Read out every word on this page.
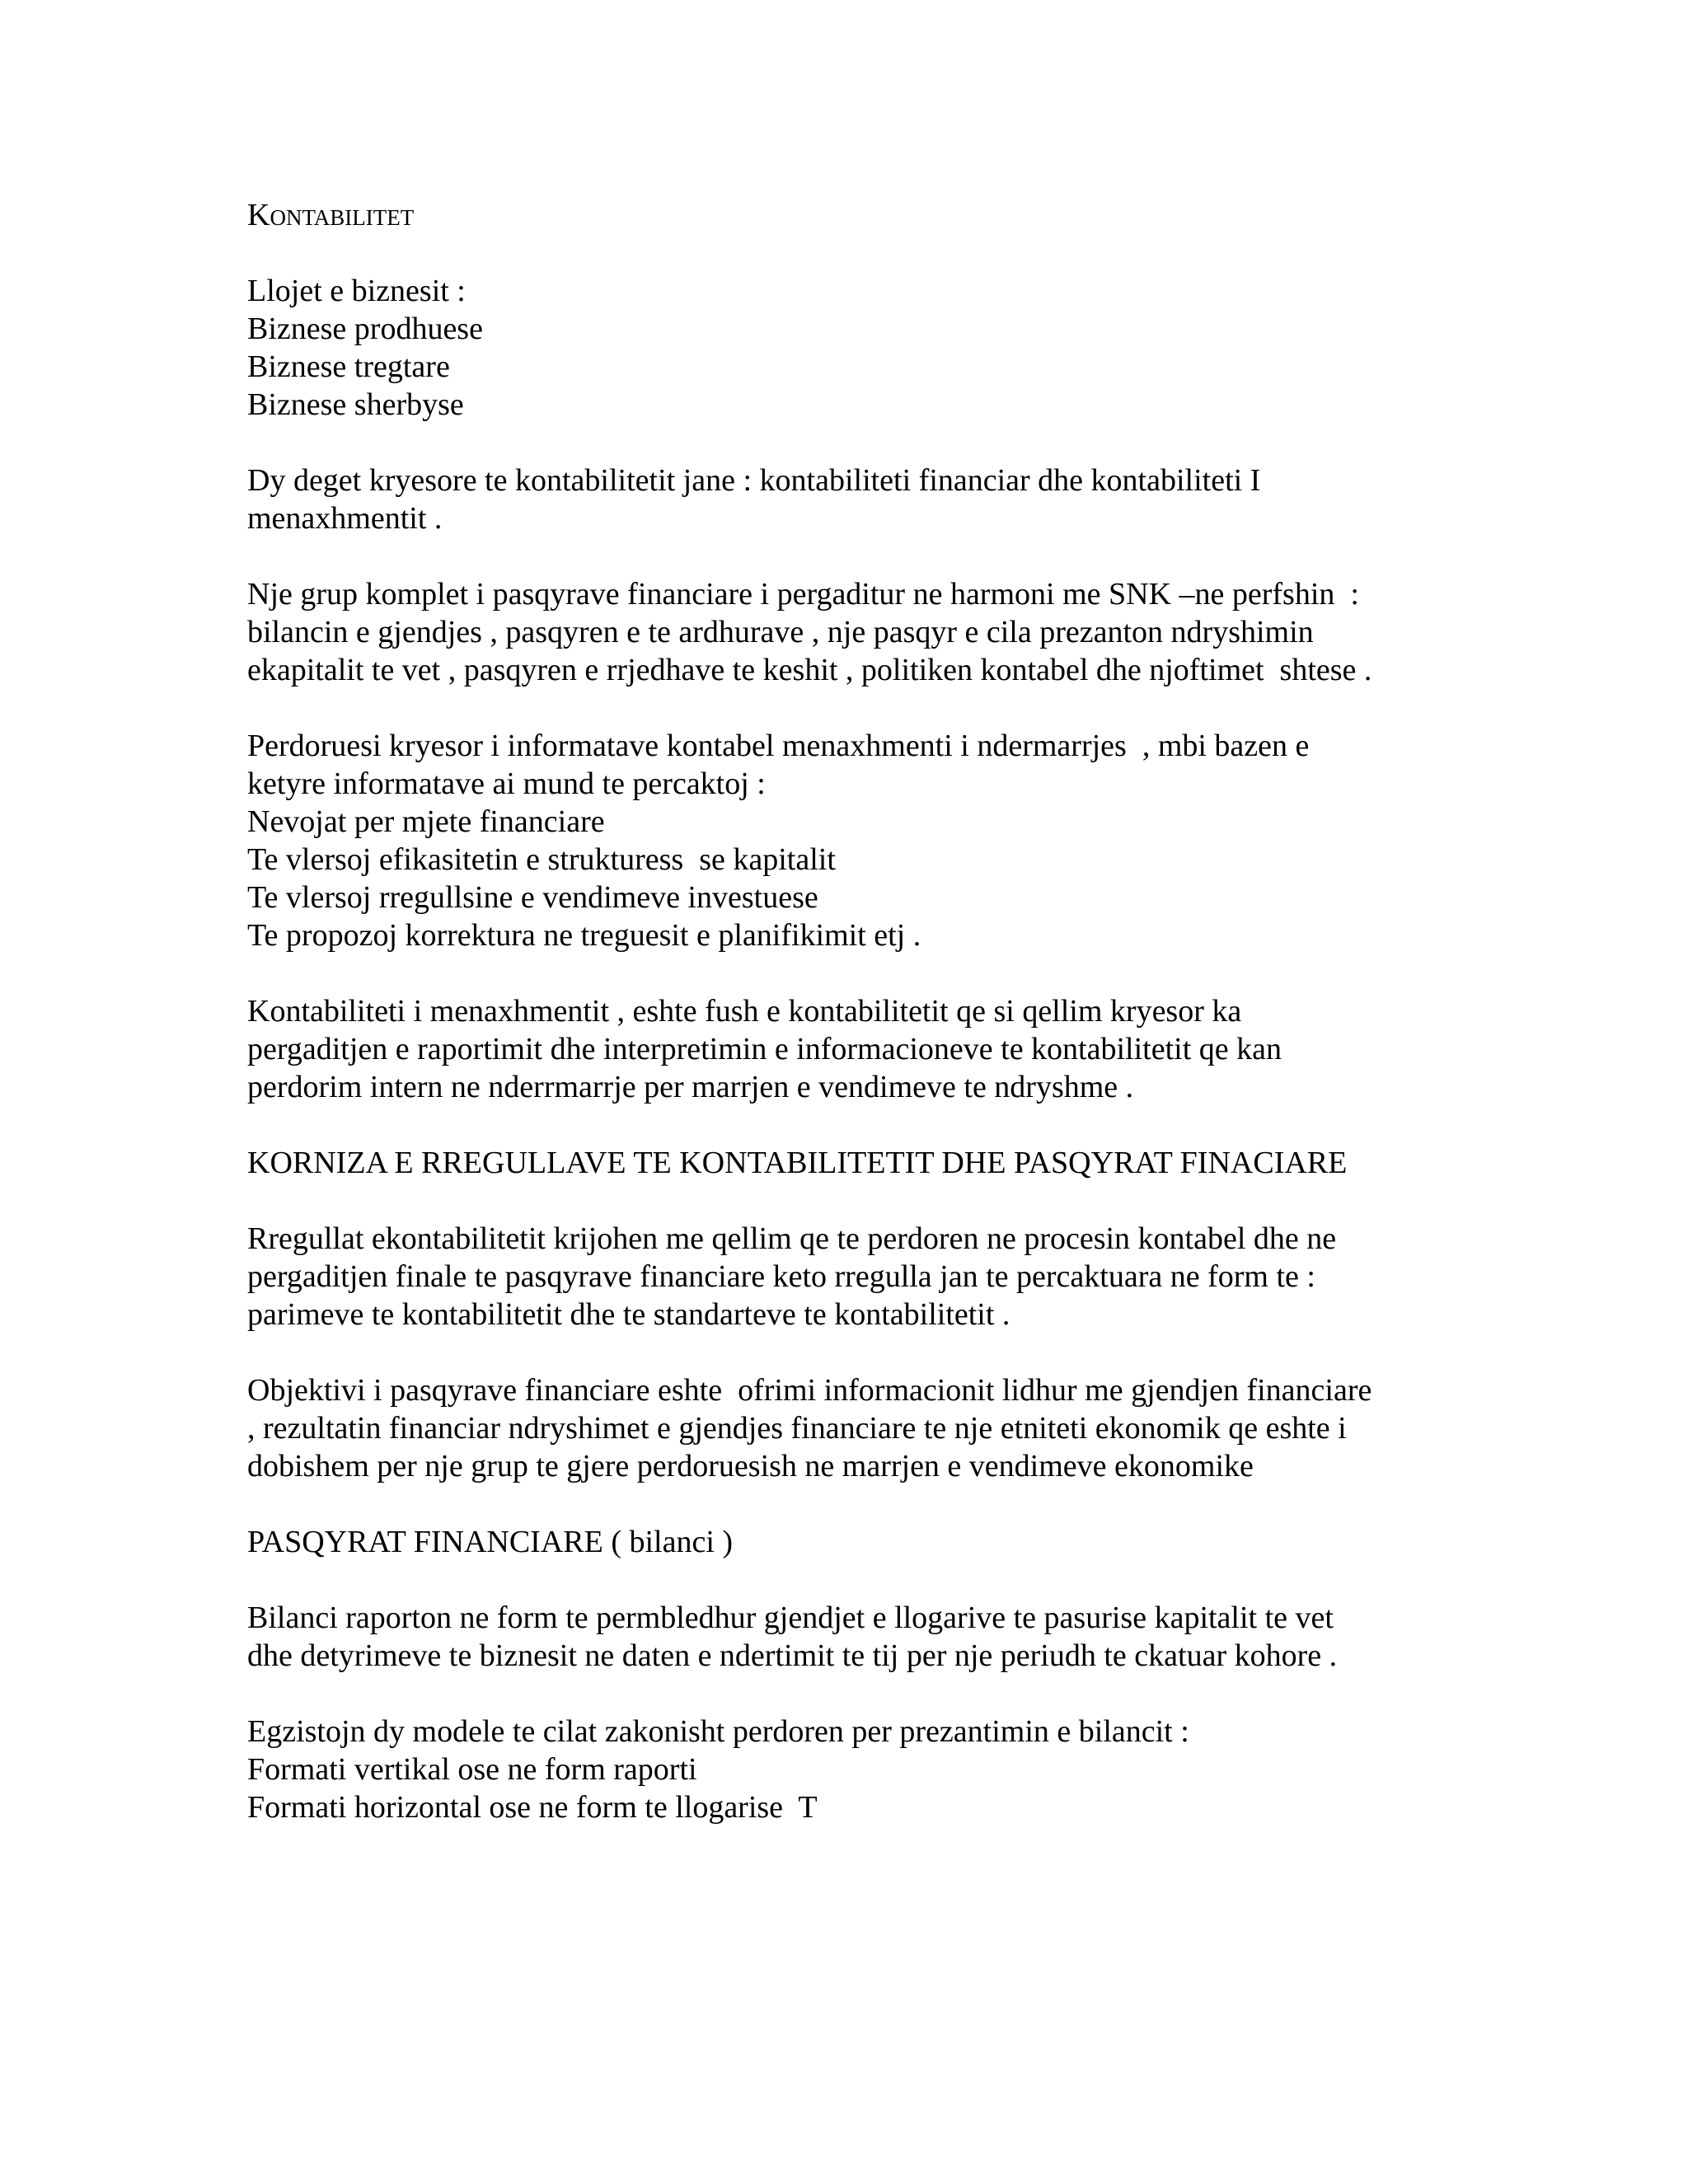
Kontabilitet
Llojet e biznesit :
Biznese prodhuese
Biznese tregtare
Biznese sherbyse
Dy deget kryesore te kontabilitetit jane : kontabiliteti financiar dhe kontabiliteti I
menaxhmentit .
Nje grup komplet i pasqyrave financiare i pergaditur ne harmoni me SNK –ne perfshin  :
bilancin e gjendjes , pasqyren e te ardhurave , nje pasqyr e cila prezanton ndryshimin
ekapitalit te vet , pasqyren e rrjedhave te keshit , politiken kontabel dhe njoftimet  shtese .
Perdoruesi kryesor i informatave kontabel menaxhmenti i ndermarrjes  , mbi bazen e
ketyre informatave ai mund te percaktoj :
Nevojat per mjete financiare
Te vlersoj efikasitetin e strukturess  se kapitalit
Te vlersoj rregullsine e vendimeve investuese
Te propozoj korrektura ne treguesit e planifikimit etj .
Kontabiliteti i menaxhmentit , eshte fush e kontabilitetit qe si qellim kryesor ka
pergaditjen e raportimit dhe interpretimin e informacioneve te kontabilitetit qe kan
perdorim intern ne nderrmarrje per marrjen e vendimeve te ndryshme .
KORNIZA E RREGULLAVE TE KONTABILITETIT DHE PASQYRAT FINACIARE
Rregullat ekontabilitetit krijohen me qellim qe te perdoren ne procesin kontabel dhe ne
pergaditjen finale te pasqyrave financiare keto rregulla jan te percaktuara ne form te :
parimeve te kontabilitetit dhe te standarteve te kontabilitetit .
Objektivi i pasqyrave financiare eshte  ofrimi informacionit lidhur me gjendjen financiare
, rezultatin financiar ndryshimet e gjendjes financiare te nje etniteti ekonomik qe eshte i
dobishem per nje grup te gjere perdoruesish ne marrjen e vendimeve ekonomike
PASQYRAT FINANCIARE ( bilanci )
Bilanci raporton ne form te permbledhur gjendjet e llogarive te pasurise kapitalit te vet
dhe detyrimeve te biznesit ne daten e ndertimit te tij per nje periudh te ckatuar kohore .
Egzistojn dy modele te cilat zakonisht perdoren per prezantimin e bilancit :
Formati vertikal ose ne form raporti
Formati horizontal ose ne form te llogarise  T
